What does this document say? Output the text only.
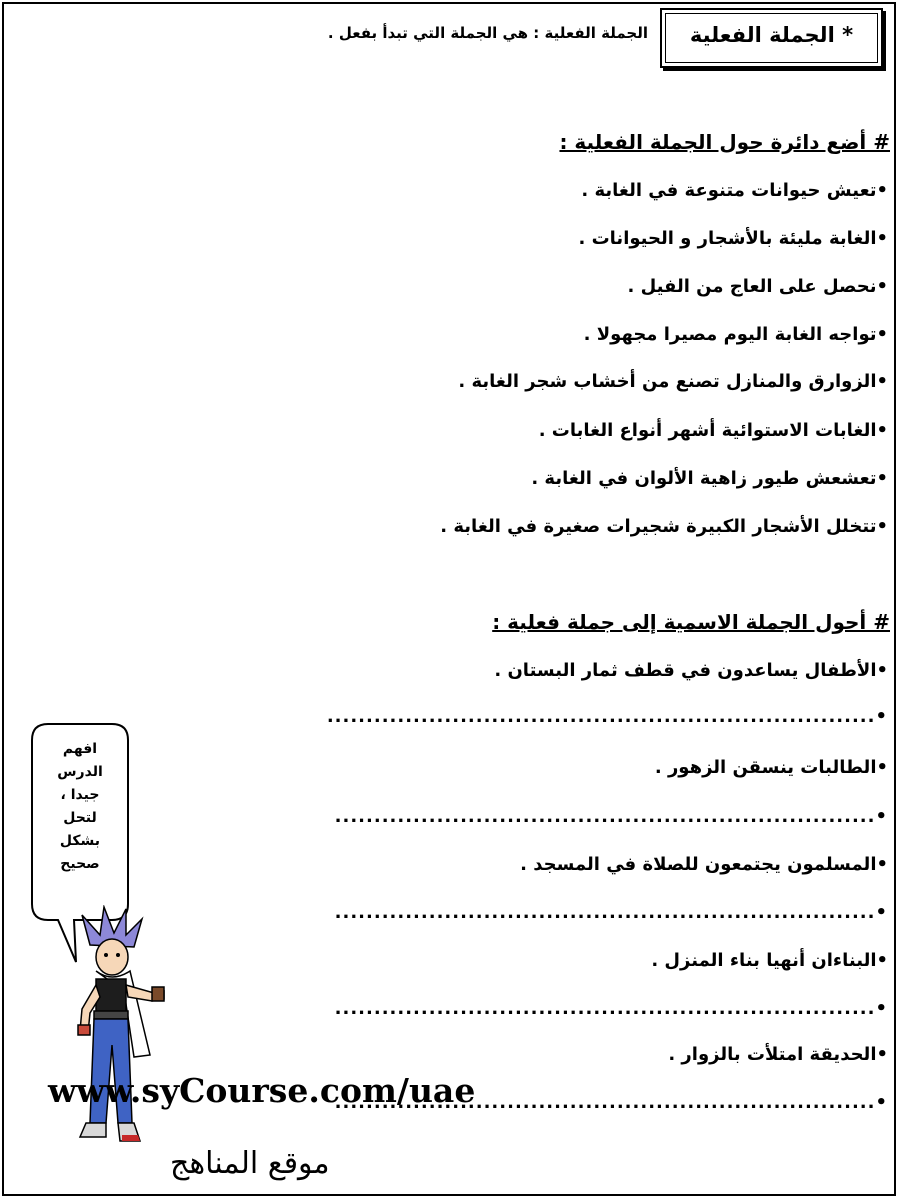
* الجملة الفعلية
الجملة الفعلية : هي الجملة التي تبدأ بفعل .
# أضع دائرة حول الجملة الفعلية :
•تعيش حيوانات متنوعة في الغابة .
•الغابة مليئة بالأشجار و الحيوانات .
•نحصل على العاج من الفيل .
•تواجه الغابة اليوم مصيرا مجهولا .
•الزوارق والمنازل تصنع من أخشاب شجر الغابة .
•الغابات الاستوائية أشهر أنواع الغابات .
•تعشعش طيور زاهية الألوان في الغابة .
•تتخلل الأشجار الكبيرة شجيرات صغيرة في الغابة .
# أحول الجملة الاسمية إلى جملة فعلية :
•الأطفال يساعدون في قطف ثمار البستان .
•......................................................................
•الطالبات ينسقن الزهور .
•.....................................................................
•المسلمون يجتمعون للصلاة في المسجد .
•.....................................................................
•البناءان أنهيا بناء المنزل .
•.....................................................................
•الحديقة امتلأت بالزوار .
•.....................................................................
افهم
الدرس
جيدا ،
لتحل
بشكل
صحيح
www.syCourse.com/uae
موقع المناهج
